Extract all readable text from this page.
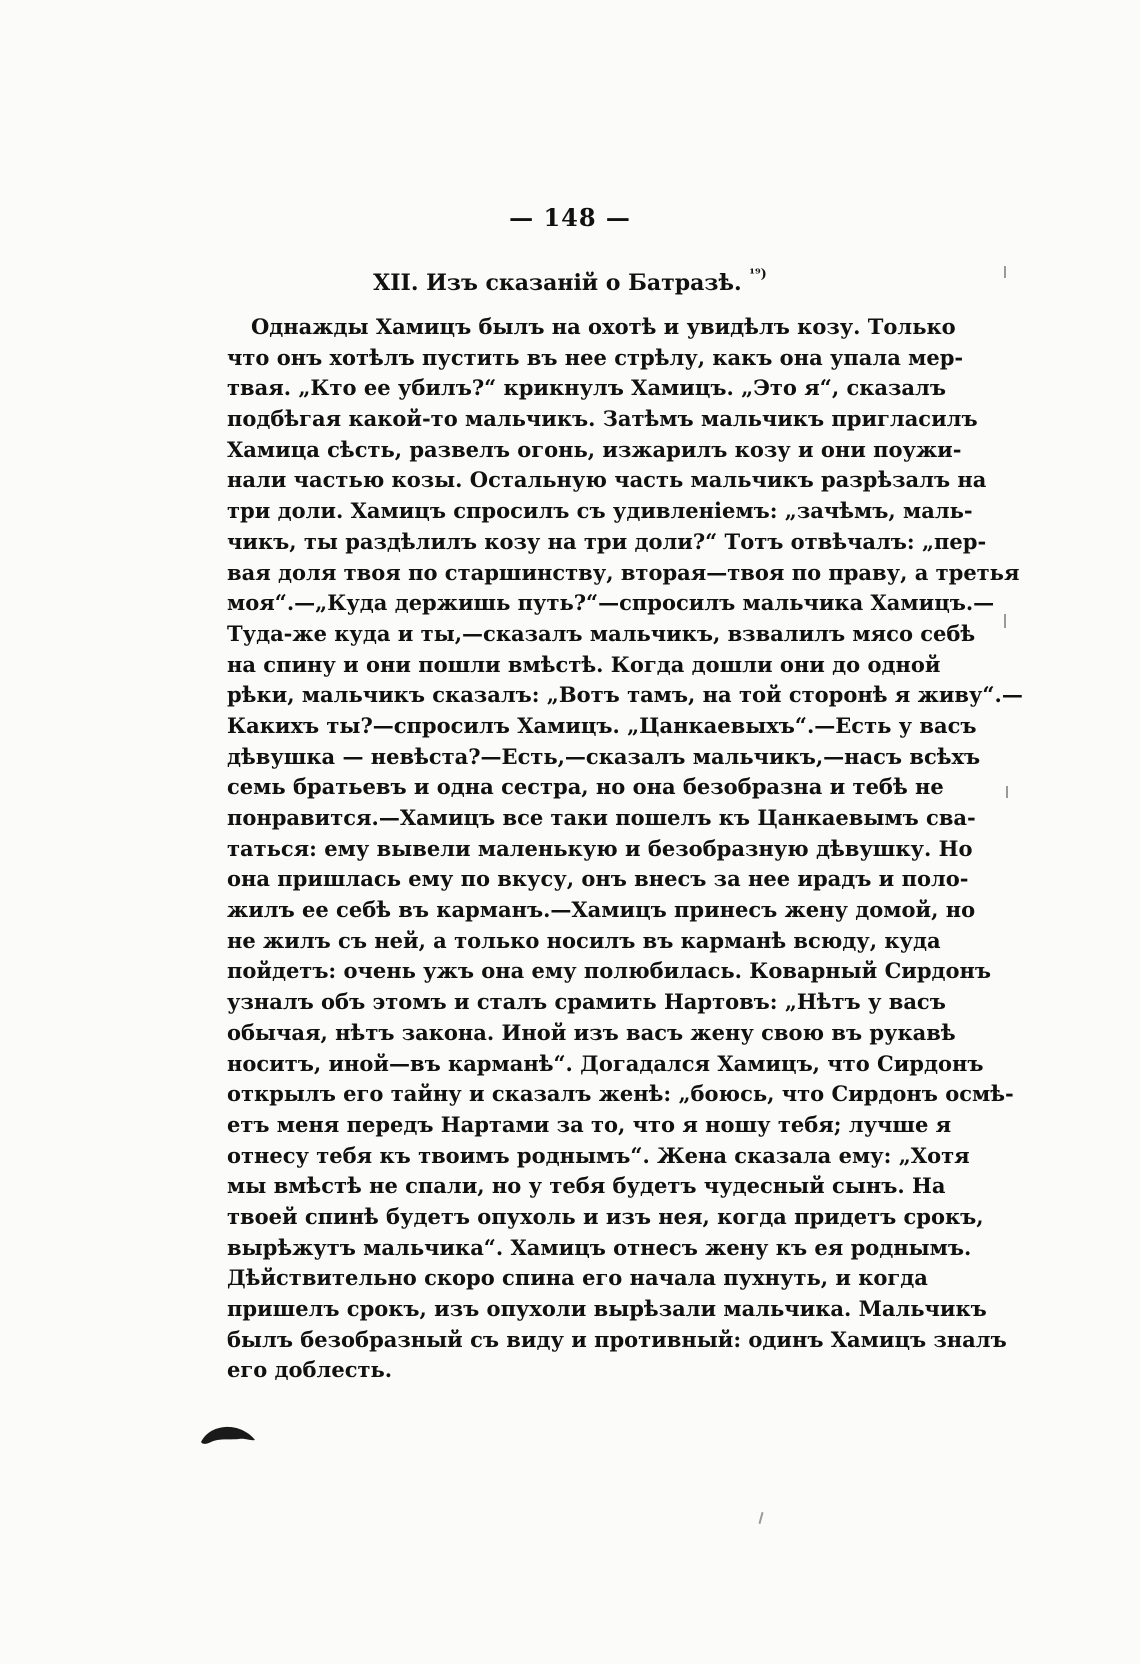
— 148 —
XII. Изъ сказаній о Батразѣ. $^{^{19})}$
Однажды Хамицъ былъ на охотѣ и увидѣлъ козу. Только
что онъ хотѣлъ пустить въ нее стрѣлу, какъ она упала мер-
твая. „Кто ее убилъ?“ крикнулъ Хамицъ. „Это я“, сказалъ
подбѣгая какой-то мальчикъ. Затѣмъ мальчикъ пригласилъ
Хамица сѣсть, развелъ огонь, изжарилъ козу и они поужи-
нали частью козы. Остальную часть мальчикъ разрѣзалъ на
три доли. Хамицъ спросилъ съ удивленіемъ: „зачѣмъ, маль-
чикъ, ты раздѣлилъ козу на три доли?“ Тотъ отвѣчалъ: „пер-
вая доля твоя по старшинству, вторая—твоя по праву, а третья
моя“.—„Куда держишь путь?“—спросилъ мальчика Хамицъ.—
Туда-же куда и ты,—сказалъ мальчикъ, взвалилъ мясо себѣ
на спину и они пошли вмѣстѣ. Когда дошли они до одной
рѣки, мальчикъ сказалъ: „Вотъ тамъ, на той сторонѣ я живу“.—
Какихъ ты?—спросилъ Хамицъ. „Цанкаевыхъ“.—Есть у васъ
дѣвушка — невѣста?—Есть,—сказалъ мальчикъ,—насъ всѣхъ
семь братьевъ и одна сестра, но она безобразна и тебѣ не
понравится.—Хамицъ все таки пошелъ къ Цанкаевымъ сва-
таться: ему вывели маленькую и безобразную дѣвушку. Но
она пришлась ему по вкусу, онъ внесъ за нее ирадъ и поло-
жилъ ее себѣ въ карманъ.—Хамицъ принесъ жену домой, но
не жилъ съ ней, а только носилъ въ карманѣ всюду, куда
пойдетъ: очень ужъ она ему полюбилась. Коварный Сирдонъ
узналъ объ этомъ и сталъ срамить Нартовъ: „Нѣтъ у васъ
обычая, нѣтъ закона. Иной изъ васъ жену свою въ рукавѣ
носитъ, иной—въ карманѣ“. Догадался Хамицъ, что Сирдонъ
открылъ его тайну и сказалъ женѣ: „боюсь, что Сирдонъ осмѣ-
етъ меня передъ Нартами за то, что я ношу тебя; лучше я
отнесу тебя къ твоимъ роднымъ“. Жена сказала ему: „Хотя
мы вмѣстѣ не спали, но у тебя будетъ чудесный сынъ. На
твоей спинѣ будетъ опухоль и изъ нея, когда придетъ срокъ,
вырѣжутъ мальчика“. Хамицъ отнесъ жену къ ея роднымъ.
Дѣйствительно скоро спина его начала пухнуть, и когда
пришелъ срокъ, изъ опухоли вырѣзали мальчика. Мальчикъ
былъ безобразный съ виду и противный: одинъ Хамицъ зналъ
его доблесть.
